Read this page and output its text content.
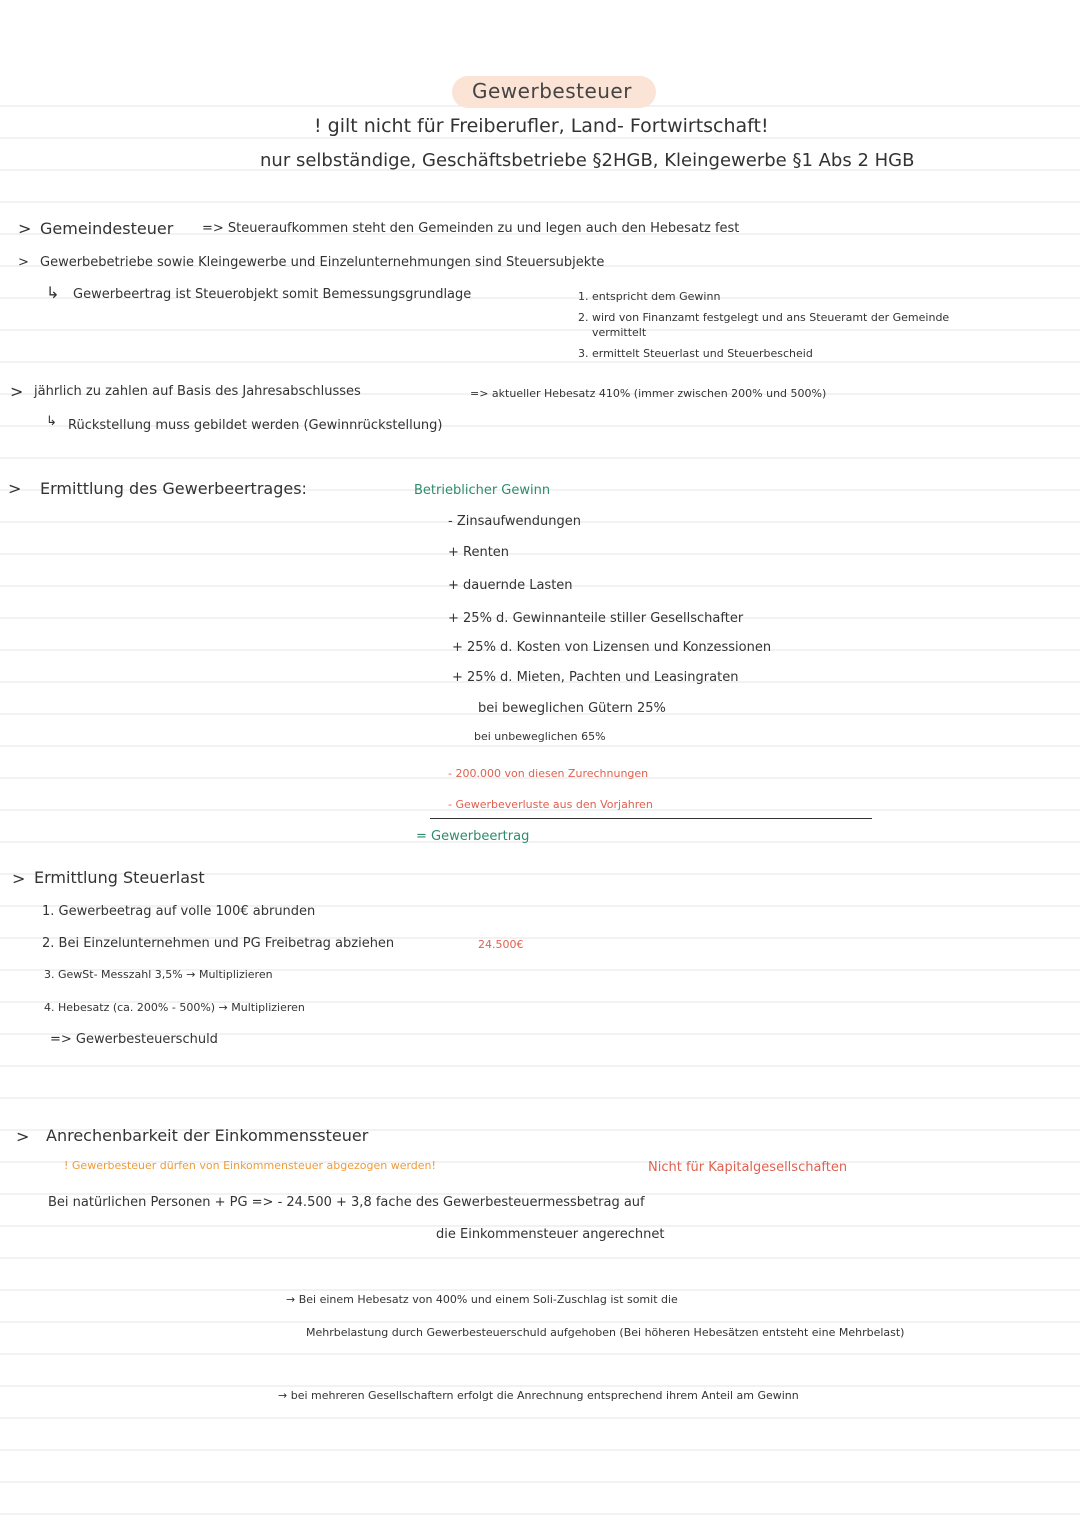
Gewerbesteuer
! gilt nicht für Freiberufler, Land- Fortwirtschaft!
nur selbständige, Geschäftsbetriebe §2HGB, Kleingewerbe §1 Abs 2 HGB
> Gemeindesteuer => Steueraufkommen steht den Gemeinden zu und legen auch den Hebesatz fest
> Gewerbebetriebe sowie Kleingewerbe und Einzelunternehmungen sind Steuersubjekte
↳ Gewerbeertrag ist Steuerobjekt somit Bemessungsgrundlage	1. entspricht dem Gewinn
2. wird von Finanzamt festgelegt und ans Steueramt der Gemeinde
vermittelt
3. ermittelt Steuerlast und Steuerbescheid
> jährlich zu zahlen auf Basis des Jahresabschlusses	=> aktueller Hebesatz 410% (immer zwischen 200% und 500%)
↳ Rückstellung muss gebildet werden (Gewinnrückstellung)
> Ermittlung des Gewerbeertrages:	Betrieblicher Gewinn
- Zinsaufwendungen
+ Renten
+ dauernde Lasten
+ 25% d. Gewinnanteile stiller Gesellschafter
+ 25% d. Kosten von Lizensen und Konzessionen
+ 25% d. Mieten, Pachten und Leasingraten
bei beweglichen Gütern 25%
bei unbeweglichen 65%
- 200.000 von diesen Zurechnungen
- Gewerbeverluste aus den Vorjahren
= Gewerbeertrag
> Ermittlung Steuerlast
1. Gewerbeetrag auf volle 100€ abrunden
2. Bei Einzelunternehmen und PG Freibetrag abziehen	24.500€
3. GewSt- Messzahl 3,5% → Multiplizieren
4. Hebesatz (ca. 200% - 500%) → Multiplizieren
=> Gewerbesteuerschuld
> Anrechenbarkeit der Einkommenssteuer
! Gewerbesteuer dürfen von Einkommensteuer abgezogen werden!	Nicht für Kapitalgesellschaften
Bei natürlichen Personen + PG => - 24.500 + 3,8 fache des Gewerbesteuermessbetrag auf
die Einkommensteuer angerechnet
→ Bei einem Hebesatz von 400% und einem Soli-Zuschlag ist somit die
Mehrbelastung durch Gewerbesteuerschuld aufgehoben (Bei höheren Hebesätzen entsteht eine Mehrbelast)
→ bei mehreren Gesellschaftern erfolgt die Anrechnung entsprechend ihrem Anteil am Gewinn
